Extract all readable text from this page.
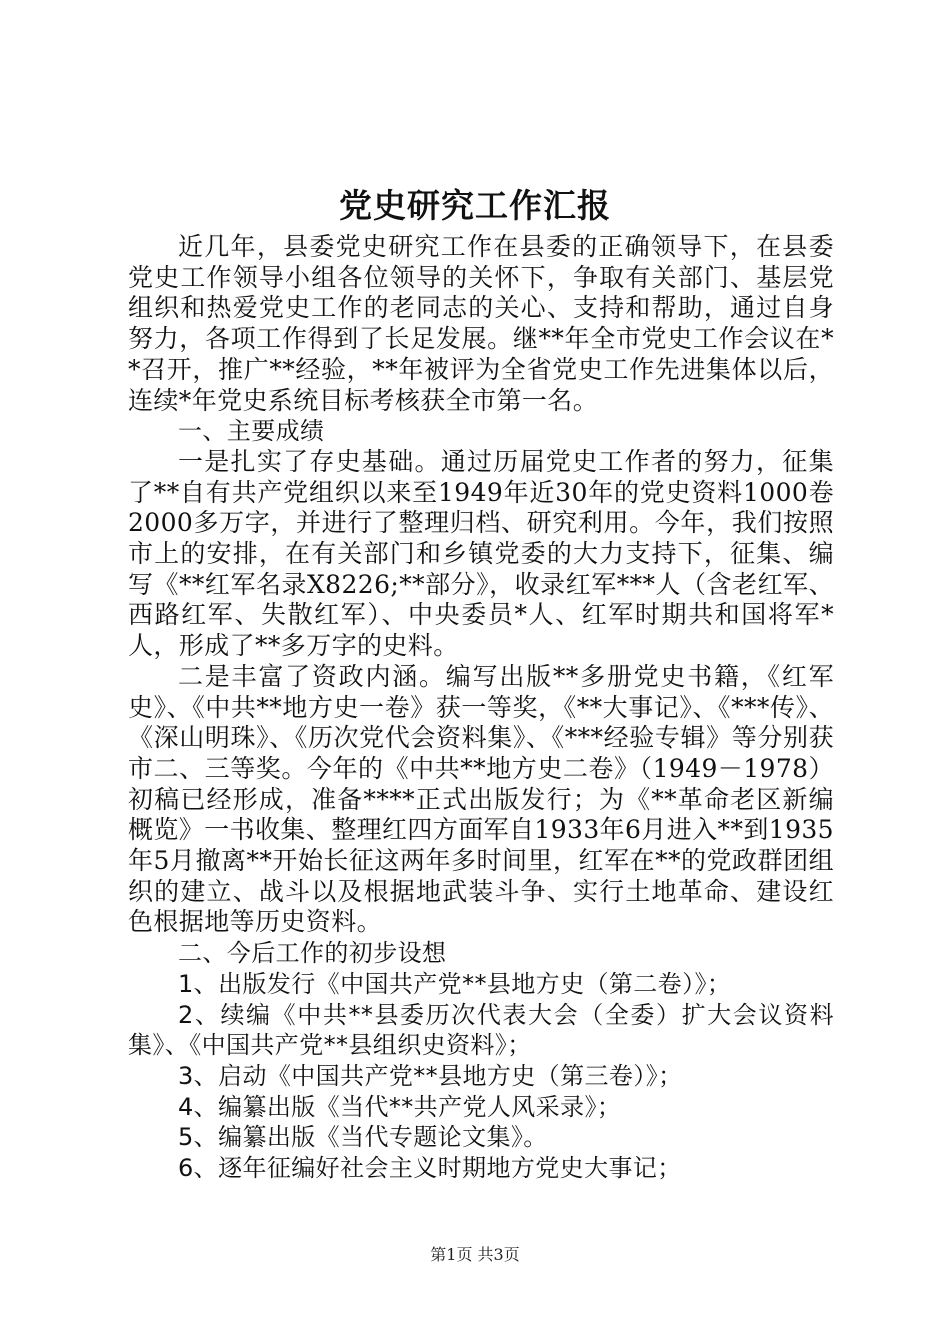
党史研究工作汇报

近几年，县委党史研究工作在县委的正确领导下，在县委党史工作领导小组各位领导的关怀下，争取有关部门、基层党组织和热爱党史工作的老同志的关心、支持和帮助，通过自身努力，各项工作得到了长足发展。继**年全市党史工作会议在**召开，推广**经验，**年被评为全省党史工作先进集体以后，连续*年党史系统目标考核获全市第一名。

一、主要成绩

一是扎实了存史基础。通过历届党史工作者的努力，征集了**自有共产党组织以来至1949年近30年的党史资料1000卷2000多万字，并进行了整理归档、研究利用。今年，我们按照市上的安排，在有关部门和乡镇党委的大力支持下，征集、编写《**红军名录X8226;**部分》，收录红军***人（含老红军、西路红军、失散红军）、中央委员*人、红军时期共和国将军*人，形成了**多万字的史料。

二是丰富了资政内涵。编写出版**多册党史书籍，《红军史》、《中共**地方史一卷》获一等奖，《**大事记》、《***传》、《深山明珠》、《历次党代会资料集》、《***经验专辑》等分别获市二、三等奖。今年的《中共**地方史二卷》（1949－1978）初稿已经形成，准备****正式出版发行；为《**革命老区新编概览》一书收集、整理红四方面军自1933年6月进入**到1935年5月撤离**开始长征这两年多时间里，红军在**的党政群团组织的建立、战斗以及根据地武装斗争、实行土地革命、建设红色根据地等历史资料。

二、今后工作的初步设想

1、出版发行《中国共产党**县地方史（第二卷）》；

2、续编《中共**县委历次代表大会（全委）扩大会议资料集》、《中国共产党**县组织史资料》；

3、启动《中国共产党**县地方史（第三卷）》；

4、编纂出版《当代**共产党人风采录》；

5、编纂出版《当代专题论文集》。

6、逐年征编好社会主义时期地方党史大事记；

第1页 共3页
